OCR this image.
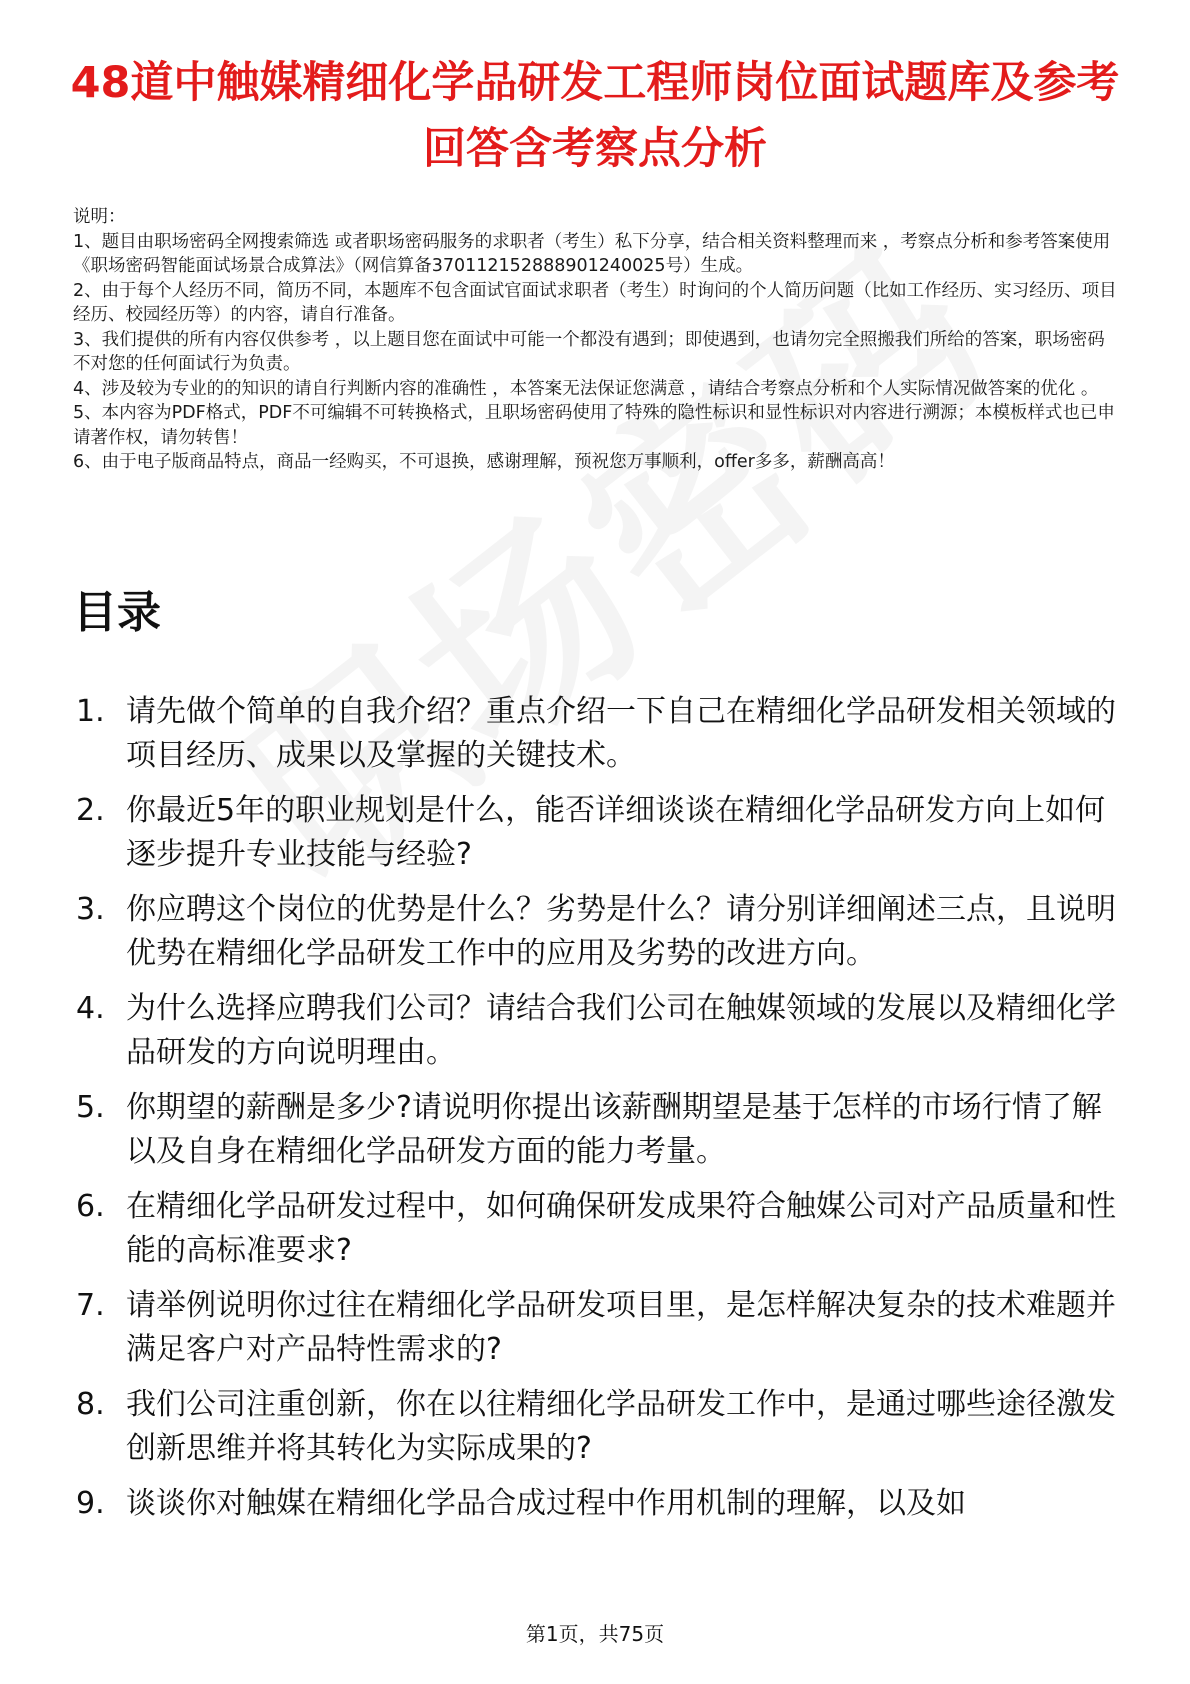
48道中触媒精细化学品研发工程师岗位面试题库及参考回答含考察点分析

说明：

1、题目由职场密码全网搜索筛选 或者职场密码服务的求职者（考生）私下分享，结合相关资料整理而来 ，考察点分析和参考答案使用《职场密码智能面试场景合成算法》（网信算备370112152888901240025号）生成。

2、由于每个人经历不同，简历不同，本题库不包含面试官面试求职者（考生）时询问的个人简历问题（比如工作经历、实习经历、项目经历、校园经历等）的内容，请自行准备。

3、我们提供的所有内容仅供参考 ，以上题目您在面试中可能一个都没有遇到；即使遇到，也请勿完全照搬我们所给的答案，职场密码不对您的任何面试行为负责。

4、涉及较为专业的的知识的请自行判断内容的准确性 ，本答案无法保证您满意 ，请结合考察点分析和个人实际情况做答案的优化 。

5、本内容为PDF格式，PDF不可编辑不可转换格式，且职场密码使用了特殊的隐性标识和显性标识对内容进行溯源；本模板样式也已申请著作权，请勿转售！

6、由于电子版商品特点，商品一经购买，不可退换，感谢理解，预祝您万事顺利，offer多多，薪酬高高！

目录
1. 请先做个简单的自我介绍？重点介绍一下自己在精细化学品研发相关领域的项目经历、成果以及掌握的关键技术。
2. 你最近5年的职业规划是什么，能否详细谈谈在精细化学品研发方向上如何逐步提升专业技能与经验?
3. 你应聘这个岗位的优势是什么？劣势是什么？请分别详细阐述三点，且说明优势在精细化学品研发工作中的应用及劣势的改进方向。
4. 为什么选择应聘我们公司？请结合我们公司在触媒领域的发展以及精细化学品研发的方向说明理由。
5. 你期望的薪酬是多少?请说明你提出该薪酬期望是基于怎样的市场行情了解以及自身在精细化学品研发方面的能力考量。
6. 在精细化学品研发过程中，如何确保研发成果符合触媒公司对产品质量和性能的高标准要求?
7. 请举例说明你过往在精细化学品研发项目里，是怎样解决复杂的技术难题并满足客户对产品特性需求的?
8. 我们公司注重创新，你在以往精细化学品研发工作中，是通过哪些途径激发创新思维并将其转化为实际成果的?
9. 谈谈你对触媒在精细化学品合成过程中作用机制的理解，以及如
第1页，共75页
